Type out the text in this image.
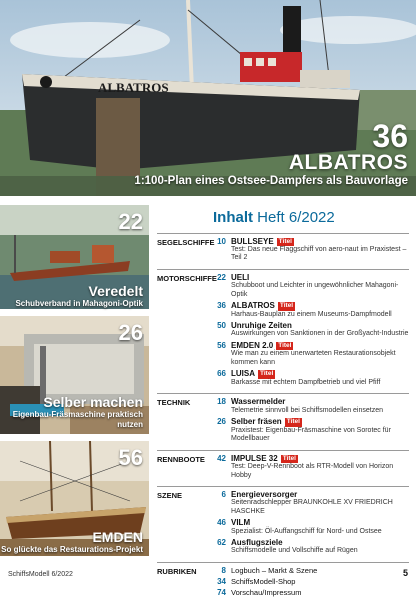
ALBATROS
36
ALBATROS
1:100-Plan eines Ostsee-Dampfers als Bauvorlage
22
Veredelt
Schubverband in Mahagoni-Optik
26
Selber machen
Eigenbau-Fräsmaschine praktisch nutzen
56
EMDEN
So glückte das Restaurations-Projekt
Inhalt Heft 6/2022
SEGELSCHIFFE 10 BULLSEYE Titel
Test: Das neue Flaggschiff von aero-naut im Praxistest – Teil 2
MOTORSCHIFFE 22 UELI
Schubboot und Leichter in ungewöhnlicher Mahagoni-Optik
36 ALBATROS Titel
Harhaus-Bauplan zu einem Museums-Dampfmodell
50 Unruhige Zeiten
Auswirkungen von Sanktionen in der Großyacht-Industrie
56 EMDEN 2.0 Titel
Wie man zu einem unerwarteten Restaurationsobjekt kommen kann
66 LUISA Titel
Barkasse mit echtem Dampfbetrieb und viel Pfiff
TECHNIK	18 Wassermelder
Telemetrie sinnvoll bei Schiffsmodellen einsetzen
26 Selber fräsen Titel
Praxistest: Eigenbau-Fräsmaschine von Sorotec für Modellbauer
RENNBOOTE	42 IMPULSE 32 Titel
Test: Deep-V-Rennboot als RTR-Modell von Horizon Hobby
SZENE	6 Energieversorger
Seitenradschlepper BRAUNKOHLE XV FRIEDRICH HASCHKE
46 VILM
Spezialist: Öl-Auffangschiff für Nord- und Ostsee
62 Ausflugsziele
Schiffsmodelle und Vollschiffe auf Rügen
RUBRIKEN	8 Logbuch – Markt & Szene
34 SchiffsModell-Shop
74 Vorschau/Impressum
SchiffsModell 6/2022	5
